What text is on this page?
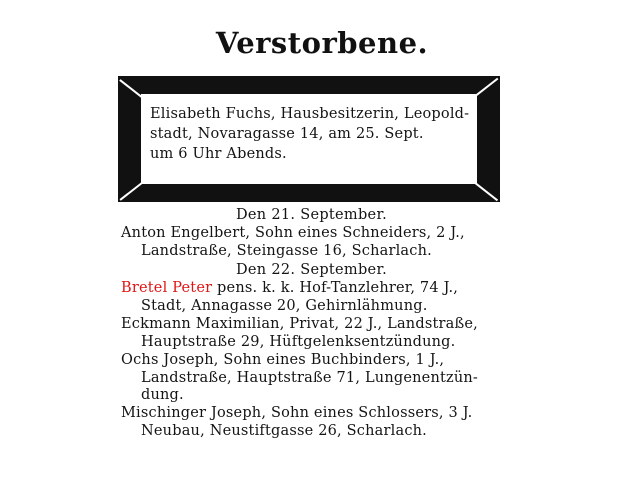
Verstorbene.
Elisabeth Fuchs, Hausbesitzerin, Leopold-
stadt, Novaragasse 14, am 25. Sept.
um 6 Uhr Abends.
Den 21. September.
Anton Engelbert, Sohn eines Schneiders, 2 J.,
Landstraße, Steingasse 16, Scharlach.
Den 22. September.
Bretel Peter pens. k. k. Hof-Tanzlehrer, 74 J.,
Stadt, Annagasse 20, Gehirnlähmung.
Eckmann Maximilian, Privat, 22 J., Landstraße,
Hauptstraße 29, Hüftgelenksentzündung.
Ochs Joseph, Sohn eines Buchbinders, 1 J.,
Landstraße, Hauptstraße 71, Lungenentzün-
dung.
Mischinger Joseph, Sohn eines Schlossers, 3 J.
Neubau, Neustiftgasse 26, Scharlach.
